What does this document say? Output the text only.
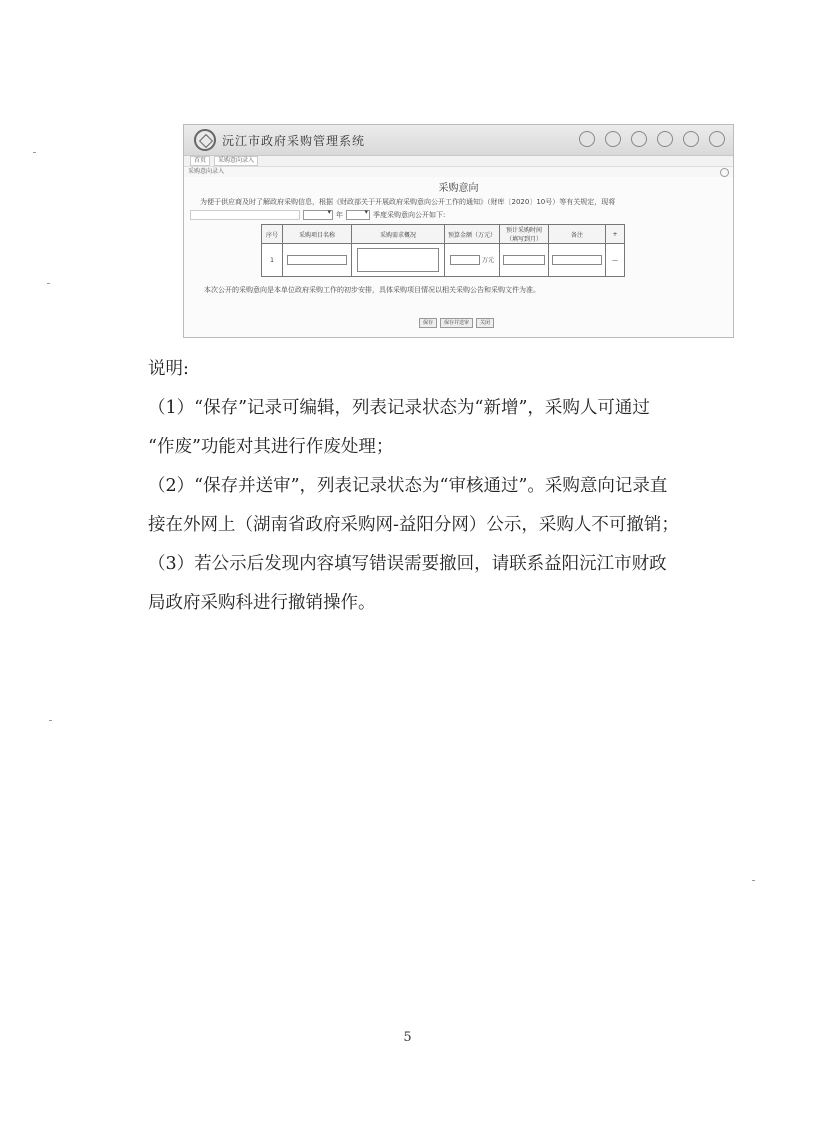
沅江市政府采购管理系统
首页	采购意向录入
采购意向录入
采购意向
为便于供应商及时了解政府采购信息，根据《财政部关于开展政府采购意向公开工作的通知》（财库〔2020〕10号）等有关规定，现将
▾
年 ▾	季度采购意向公开如下:
序号	采购项目名称	采购需求概况	预算金额（万元）	预计采购时间（填写到月）	备注	+
1			万元			—
本次公开的采购意向是本单位政府采购工作的初步安排，具体采购项目情况以相关采购公告和采购文件为准。
保存	保存并送审	关闭

说明:

（1）“保存”记录可编辑，列表记录状态为“新增”，采购人可通过

“作废”功能对其进行作废处理；

（2）“保存并送审”，列表记录状态为“审核通过”。采购意向记录直

接在外网上（湖南省政府采购网-益阳分网）公示，采购人不可撤销；

（3）若公示后发现内容填写错误需要撤回，请联系益阳沅江市财政

局政府采购科进行撤销操作。

5
